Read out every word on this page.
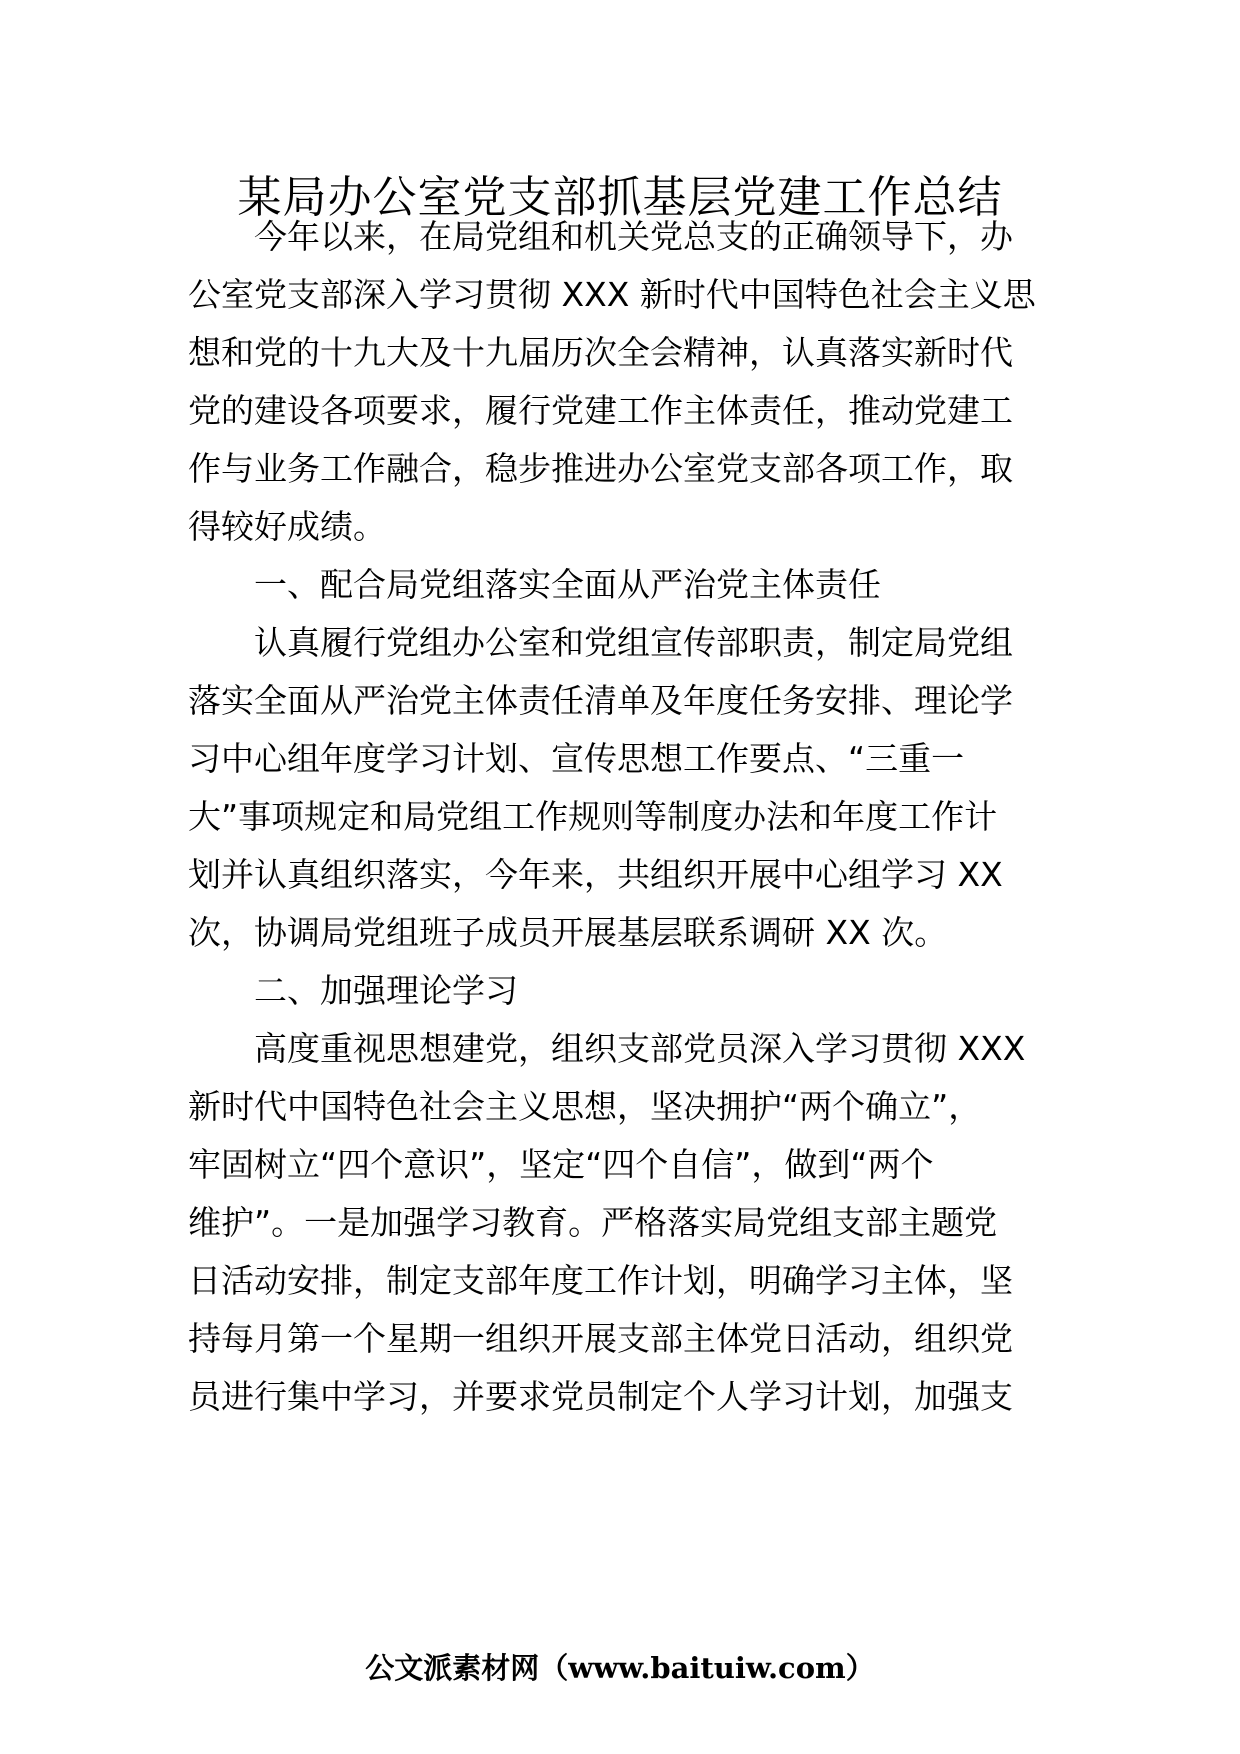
某局办公室党支部抓基层党建工作总结
今年以来，在局党组和机关党总支的正确领导下，办
公室党支部深入学习贯彻 XXX 新时代中国特色社会主义思
想和党的十九大及十九届历次全会精神，认真落实新时代
党的建设各项要求，履行党建工作主体责任，推动党建工
作与业务工作融合，稳步推进办公室党支部各项工作，取
得较好成绩。
一、配合局党组落实全面从严治党主体责任
认真履行党组办公室和党组宣传部职责，制定局党组
落实全面从严治党主体责任清单及年度任务安排、理论学
习中心组年度学习计划、宣传思想工作要点、“三重一
大”事项规定和局党组工作规则等制度办法和年度工作计
划并认真组织落实，今年来，共组织开展中心组学习 XX
次，协调局党组班子成员开展基层联系调研 XX 次。
二、加强理论学习
高度重视思想建党，组织支部党员深入学习贯彻 XXX
新时代中国特色社会主义思想，坚决拥护“两个确立”，
牢固树立“四个意识”，坚定“四个自信”，做到“两个
维护”。一是加强学习教育。严格落实局党组支部主题党
日活动安排，制定支部年度工作计划，明确学习主体，坚
持每月第一个星期一组织开展支部主体党日活动，组织党
员进行集中学习，并要求党员制定个人学习计划，加强支
公文派素材网（www.baituiw.com）
